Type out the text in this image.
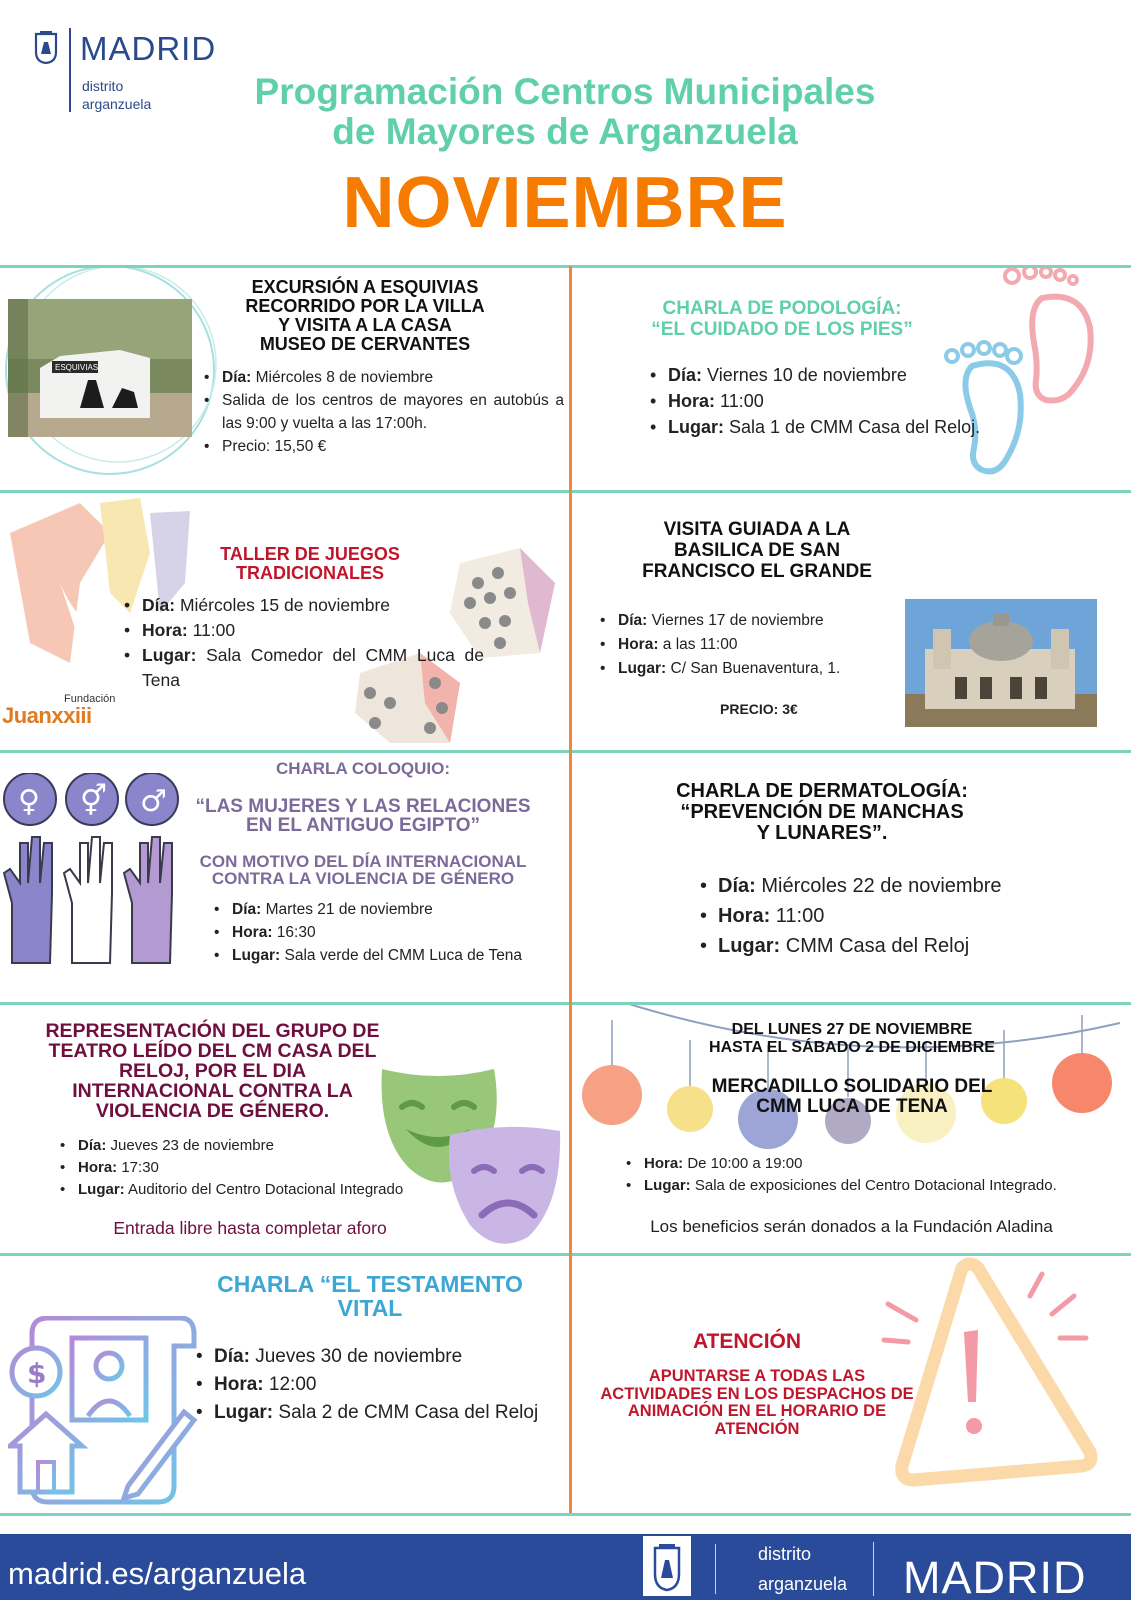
MADRID
distrito
arganzuela	Programación Centros Municipales
de Mayores de Arganzuela
NOVIEMBRE
ESQUIVIAS
EXCURSIÓN A ESQUIVIAS
RECORRIDO POR LA VILLA
Y VISITA A LA CASA
MUSEO DE CERVANTES
• Día: Miércoles 8 de noviembre
• Salida de los centros de mayores en autobús a las 9:00 y vuelta a las 17:00h.
• Precio: 15,50 €
CHARLA DE PODOLOGÍA:
“EL CUIDADO DE LOS PIES”
• Día: Viernes 10 de noviembre
• Hora: 11:00
• Lugar: Sala 1 de CMM Casa del Reloj.
TALLER DE JUEGOS
TRADICIONALES
• Día: Miércoles 15 de noviembre
• Hora: 11:00
• Lugar: Sala Comedor del CMM Luca de Tena
Fundación
Juanxxiii
VISITA GUIADA A LA
BASILICA DE SAN
FRANCISCO EL GRANDE
• Día: Viernes 17 de noviembre
• Hora: a las 11:00
• Lugar: C/ San Buenaventura, 1.
PRECIO: 3€
♀ ⚥ ♂
CHARLA COLOQUIO:
“LAS MUJERES Y LAS RELACIONES
EN EL ANTIGUO EGIPTO”
CON MOTIVO DEL DÍA INTERNACIONAL
CONTRA LA VIOLENCIA DE GÉNERO
• Día: Martes 21 de noviembre
• Hora: 16:30
• Lugar: Sala verde del CMM Luca de Tena
CHARLA DE DERMATOLOGÍA:
“PREVENCIÓN DE MANCHAS
Y LUNARES”.
• Día: Miércoles 22 de noviembre
• Hora: 11:00
• Lugar: CMM Casa del Reloj
REPRESENTACIÓN DEL GRUPO DE
TEATRO LEÍDO DEL CM CASA DEL
RELOJ, POR EL DIA
INTERNACIONAL CONTRA LA
VIOLENCIA DE GÉNERO.
• Día: Jueves 23 de noviembre
• Hora: 17:30
• Lugar: Auditorio del Centro Dotacional Integrado
Entrada libre hasta completar aforo
DEL LUNES 27 DE NOVIEMBRE
HASTA EL SÁBADO 2 DE DICIEMBRE
MERCADILLO SOLIDARIO DEL
CMM LUCA DE TENA
• Hora: De 10:00 a 19:00
• Lugar: Sala de exposiciones del Centro Dotacional Integrado.
Los beneficios serán donados a la Fundación Aladina
$
CHARLA “EL TESTAMENTO
VITAL
• Día: Jueves 30 de noviembre
• Hora: 12:00
• Lugar: Sala 2 de CMM Casa del Reloj
ATENCIÓN
APUNTARSE A TODAS LAS
ACTIVIDADES EN LOS DESPACHOS DE
ANIMACIÓN EN EL HORARIO DE
ATENCIÓN
madrid.es/arganzuela
distrito
arganzuela MADRID
